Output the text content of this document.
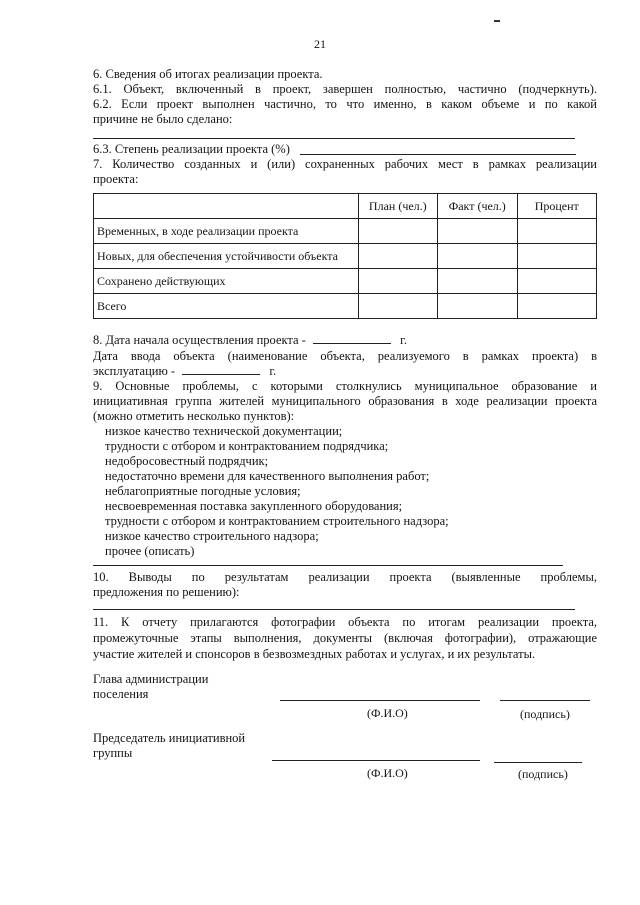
21
6. Сведения об итогах реализации проекта.
6.1. Объект, включенный в проект, завершен полностью, частично (подчеркнуть).
6.2. Если проект выполнен частично, то что именно, в каком объеме и по какой
причине не было сделано:
6.3. Степень реализации проекта (%)
7. Количество созданных и (или) сохраненных рабочих мест в рамках реализации
проекта:
	План (чел.)	Факт (чел.)	Процент
Временных, в ходе реализации проекта			
Новых, для обеспечения устойчивости объекта			
Сохранено действующих			
Всего			
8. Дата начала осуществления проекта -	г.
Дата ввода объекта (наименование объекта, реализуемого в рамках проекта) в
эксплуатацию -	г.
9. Основные проблемы, с которыми столкнулись муниципальное образование и
инициативная группа жителей муниципального образования в ходе реализации проекта
(можно отметить несколько пунктов):
низкое качество технической документации;
трудности с отбором и контрактованием подрядчика;
недобросовестный подрядчик;
недостаточно времени для качественного выполнения работ;
неблагоприятные погодные условия;
несвоевременная поставка закупленного оборудования;
трудности с отбором и контрактованием строительного надзора;
низкое качество строительного надзора;
прочее (описать)
10. Выводы по результатам реализации проекта (выявленные проблемы,
предложения по решению):
11. К отчету прилагаются фотографии объекта по итогам реализации проекта,
промежуточные этапы выполнения, документы (включая фотографии), отражающие
участие жителей и спонсоров в безвозмездных работах и услугах, и их результаты.
Глава администрации
поселения
(Ф.И.О)	(подпись)
Председатель инициативной
группы
(Ф.И.О)	(подпись)
